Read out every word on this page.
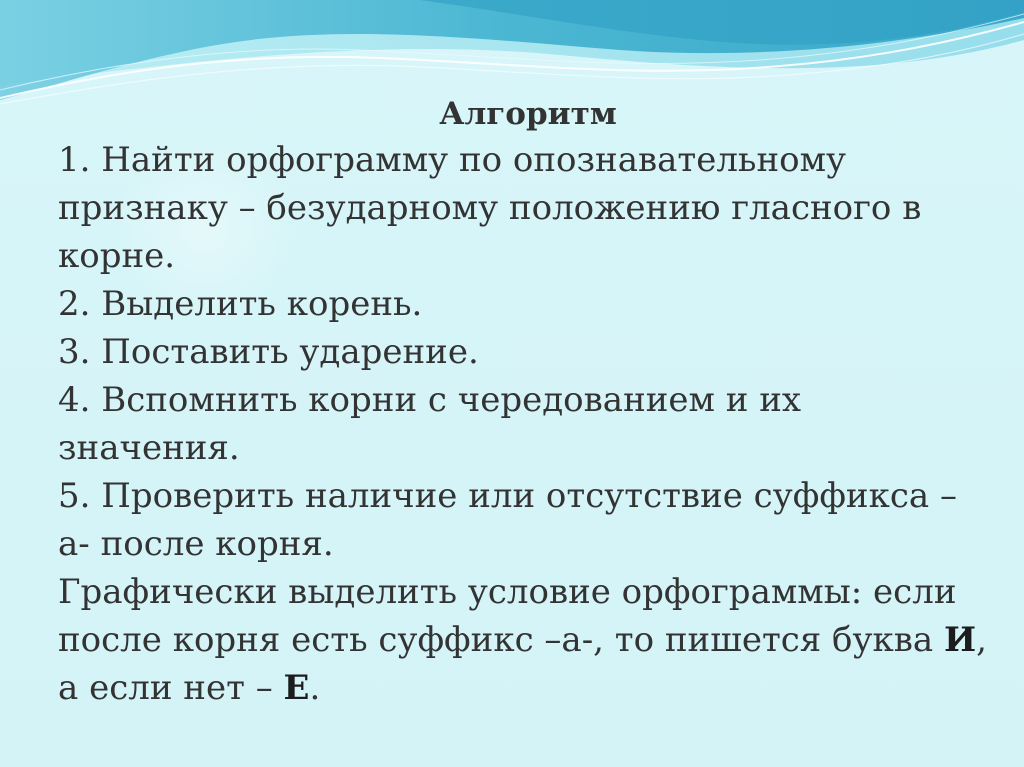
Алгоритм

1. Найти орфограмму по опознавательному признаку – безударному положению гласного в корне.

2. Выделить корень.

3. Поставить ударение.

4. Вспомнить корни с чередованием и их значения.

5. Проверить наличие или отсутствие суффикса –а- после корня.

Графически выделить условие орфограммы: если после корня есть суффикс –а-, то пишется буква И, а если нет – Е.
